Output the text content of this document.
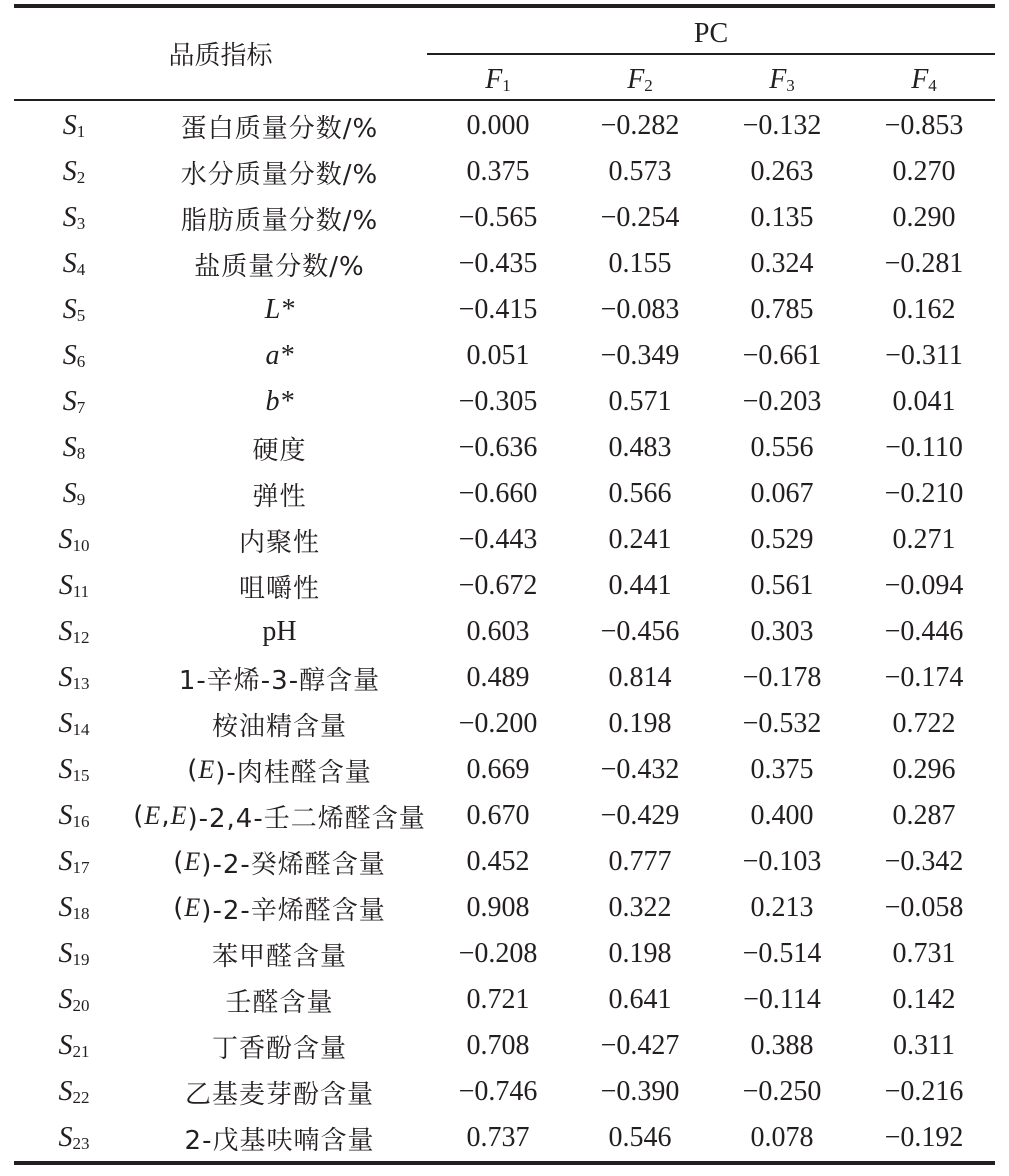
品质指标
PC
$F_1$	$F_2$	$F_3$	$F_4$
$S_1$	蛋白质量分数/%	0.000	−0.282	−0.132	−0.853
$S_2$	水分质量分数/%	0.375	0.573	0.263	0.270
$S_3$	脂肪质量分数/%	−0.565	−0.254	0.135	0.290
$S_4$	盐质量分数/%	−0.435	0.155	0.324	−0.281
$S_5$	L*	−0.415	−0.083	0.785	0.162
$S_6$	a*	0.051	−0.349	−0.661	−0.311
$S_7$	b*	−0.305	0.571	−0.203	0.041
$S_8$	硬度	−0.636	0.483	0.556	−0.110
$S_9$	弹性	−0.660	0.566	0.067	−0.210
$S_{10}$	内聚性	−0.443	0.241	0.529	0.271
$S_{11}$	咀嚼性	−0.672	0.441	0.561	−0.094
$S_{12}$	pH	0.603	−0.456	0.303	−0.446
$S_{13}$	1-辛烯-3-醇含量	0.489	0.814	−0.178	−0.174
$S_{14}$	桉油精含量	−0.200	0.198	−0.532	0.722
$S_{15}$	( E )-肉桂醛含量	0.669	−0.432	0.375	0.296
$S_{16}$ ( E , E )-2,4-壬二烯醛含量	0.670	−0.429	0.400	0.287
$S_{17}$	( E )-2-癸烯醛含量	0.452	0.777	−0.103	−0.342
$S_{18}$	( E )-2-辛烯醛含量	0.908	0.322	0.213	−0.058
$S_{19}$	苯甲醛含量	−0.208	0.198	−0.514	0.731
$S_{20}$	壬醛含量	0.721	0.641	−0.114	0.142
$S_{21}$	丁香酚含量	0.708	−0.427	0.388	0.311
$S_{22}$	乙基麦芽酚含量	−0.746	−0.390	−0.250	−0.216
$S_{23}$	2-戊基呋喃含量	0.737	0.546	0.078	−0.192
